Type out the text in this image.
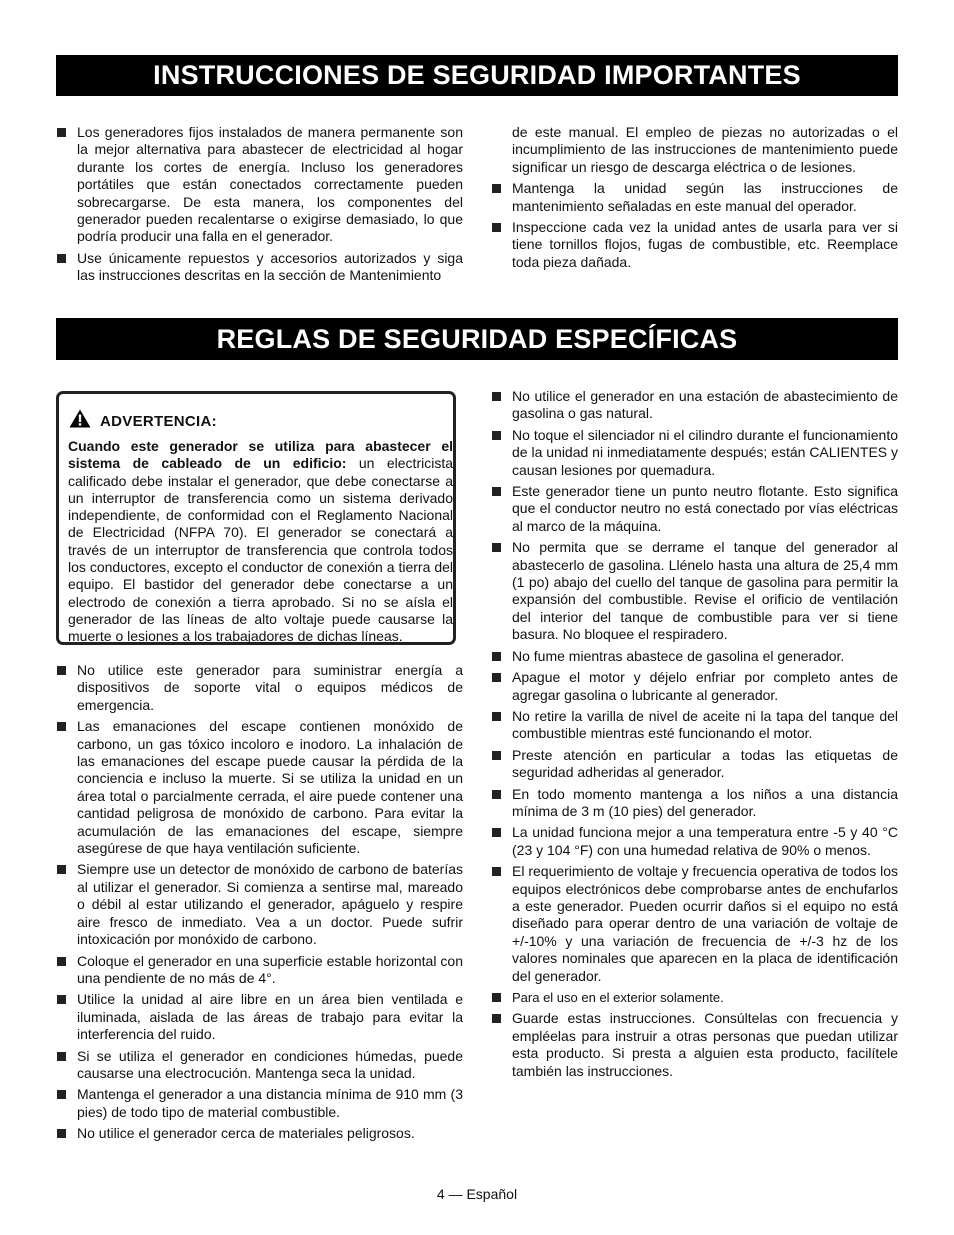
INSTRUCCIONES DE SEGURIDAD IMPORTANTES
Los generadores fijos instalados de manera permanente son la mejor alternativa para abastecer de electricidad al hogar durante los cortes de energía. Incluso los generadores portátiles que están conectados correctamente pueden sobrecargarse. De esta manera, los componentes del generador pueden recalentarse o exigirse demasiado, lo que podría producir una falla en el generador.
Use únicamente repuestos y accesorios autorizados y siga las instrucciones descritas en la sección de Mantenimiento
de este manual. El empleo de piezas no autorizadas o el incumplimiento de las instrucciones de mantenimiento puede significar un riesgo de descarga eléctrica o de lesiones.
Mantenga la unidad según las instrucciones de mantenimiento señaladas en este manual del operador.
Inspeccione cada vez la unidad antes de usarla para ver si tiene tornillos flojos, fugas de combustible, etc. Reemplace toda pieza dañada.
REGLAS DE SEGURIDAD ESPECÍFICAS
ADVERTENCIA:
Cuando este generador se utiliza para abastecer el sistema de cableado de un edificio: un electricista calificado debe instalar el generador, que debe conectarse a un interruptor de transferencia como un sistema derivado independiente, de conformidad con el Reglamento Nacional de Electricidad (NFPA 70). El generador se conectará a través de un interruptor de transferencia que controla todos los conductores, excepto el conductor de conexión a tierra del equipo. El bastidor del generador debe conectarse a un electrodo de conexión a tierra aprobado. Si no se aísla el generador de las líneas de alto voltaje puede causarse la muerte o lesiones a los trabajadores de dichas líneas.
No utilice este generador para suministrar energía a dispositivos de soporte vital o equipos médicos de emergencia.
Las emanaciones del escape contienen monóxido de carbono, un gas tóxico incoloro e inodoro. La inhalación de las emanaciones del escape puede causar la pérdida de la conciencia e incluso la muerte. Si se utiliza la unidad en un área total o parcialmente cerrada, el aire puede contener una cantidad peligrosa de monóxido de carbono. Para evitar la acumulación de las emanaciones del escape, siempre asegúrese de que haya ventilación suficiente.
Siempre use un detector de monóxido de carbono de baterías al utilizar el generador. Si comienza a sentirse mal, mareado o débil al estar utilizando el generador, apáguelo y respire aire fresco de inmediato. Vea a un doctor. Puede sufrir intoxicación por monóxido de carbono.
Coloque el generador en una superficie estable horizontal con una pendiente de no más de 4°.
Utilice la unidad al aire libre en un área bien ventilada e iluminada, aislada de las áreas de trabajo para evitar la interferencia del ruido.
Si se utiliza el generador en condiciones húmedas, puede causarse una electrocución. Mantenga seca la unidad.
Mantenga el generador a una distancia mínima de 910 mm (3 pies) de todo tipo de material combustible.
No utilice el generador cerca de materiales peligrosos.
No utilice el generador en una estación de abastecimiento de gasolina o gas natural.
No toque el silenciador ni el cilindro durante el funcionamiento de la unidad ni inmediatamente después; están CALIENTES y causan lesiones por quemadura.
Este generador tiene un punto neutro flotante. Esto significa que el conductor neutro no está conectado por vías eléctricas al marco de la máquina.
No permita que se derrame el tanque del generador al abastecerlo de gasolina. Llénelo hasta una altura de 25,4 mm (1 po) abajo del cuello del tanque de gasolina para permitir la expansión del combustible. Revise el orificio de ventilación del interior del tanque de combustible para ver si tiene basura. No bloquee el respiradero.
No fume mientras abastece de gasolina el generador.
Apague el motor y déjelo enfriar por completo antes de agregar gasolina o lubricante al generador.
No retire la varilla de nivel de aceite ni la tapa del tanque del combustible mientras esté funcionando el motor.
Preste atención en particular a todas las etiquetas de seguridad adheridas al generador.
En todo momento mantenga a los niños a una distancia mínima de 3 m (10 pies) del generador.
La unidad funciona mejor a una temperatura entre -5 y 40 °C (23 y 104 °F) con una humedad relativa de 90% o menos.
El requerimiento de voltaje y frecuencia operativa de todos los equipos electrónicos debe comprobarse antes de enchufarlos a este generador. Pueden ocurrir daños si el equipo no está diseñado para operar dentro de una variación de voltaje de +/-10% y una variación de frecuencia de +/-3 hz de los valores nominales que aparecen en la placa de identificación del generador.
Para el uso en el exterior solamente.
Guarde estas instrucciones. Consúltelas con frecuencia y empléelas para instruir a otras personas que puedan utilizar esta producto. Si presta a alguien esta producto, facilítele también las instrucciones.
4 — Español
